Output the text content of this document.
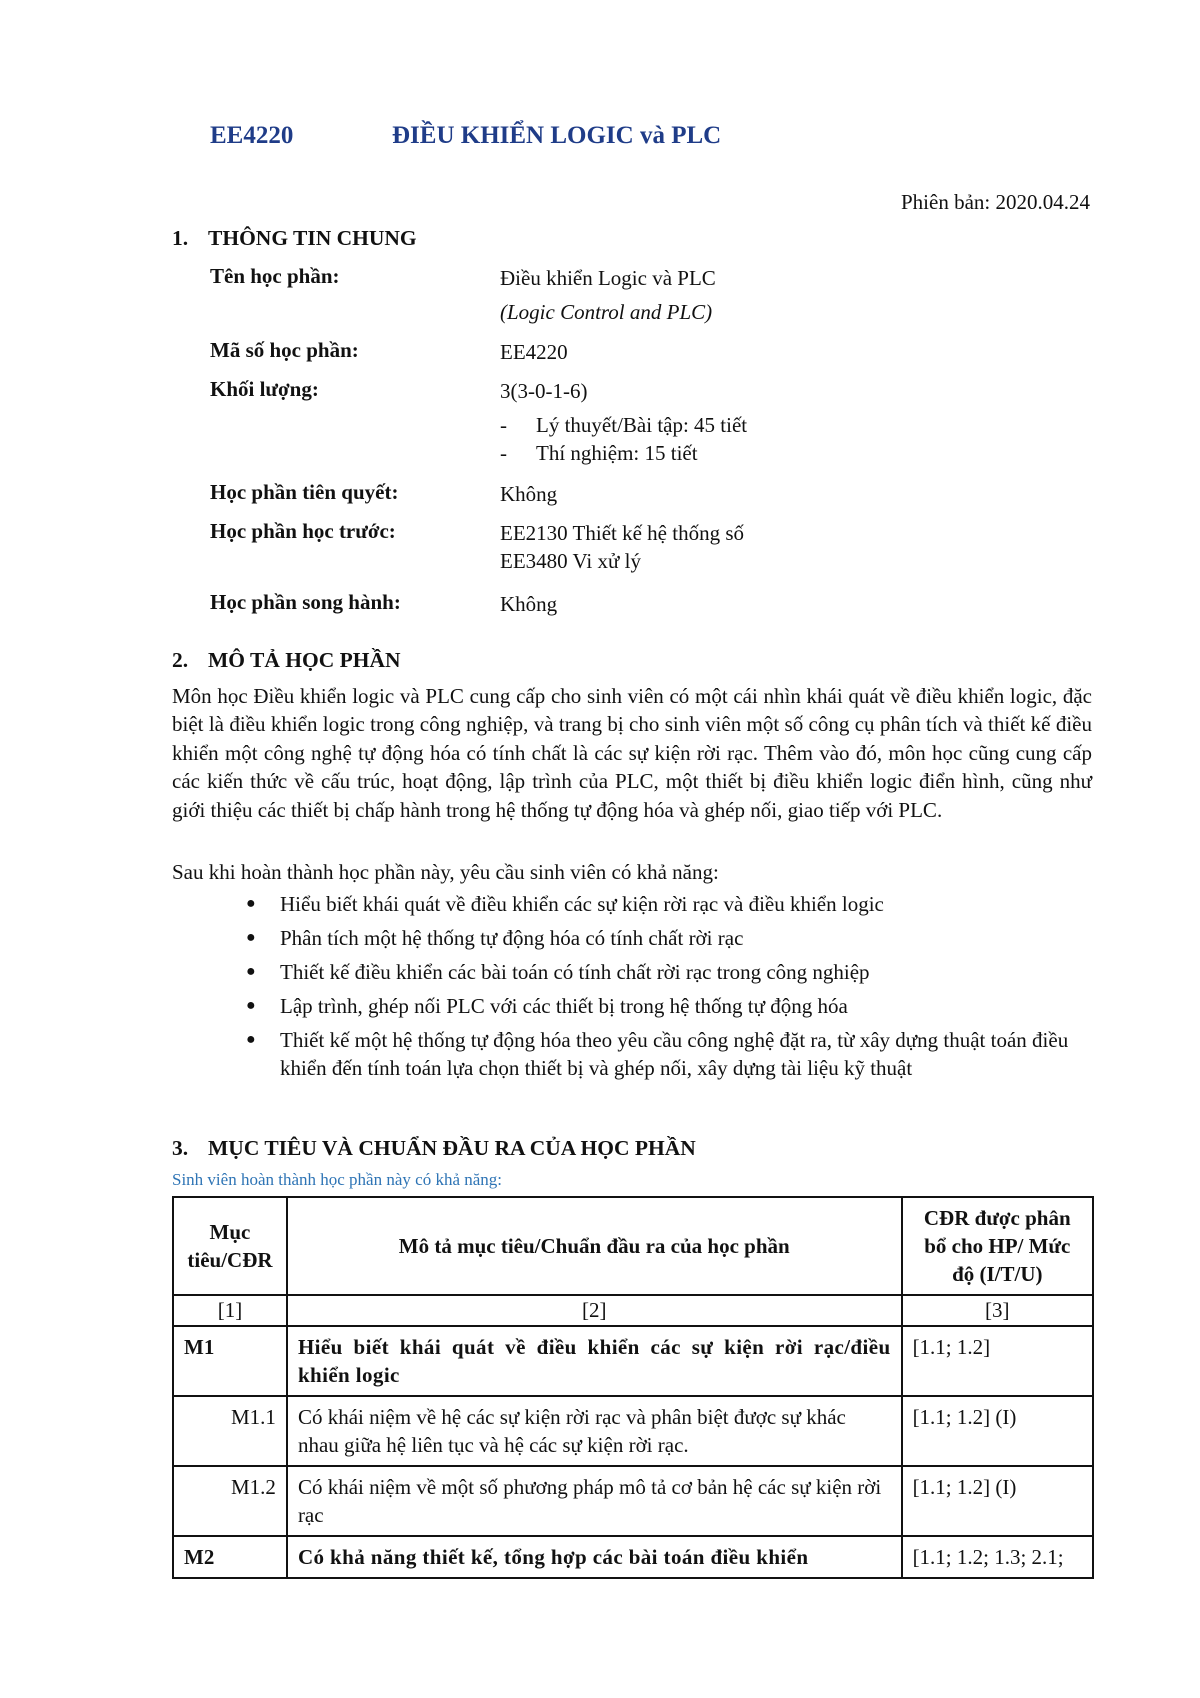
EE4220	ĐIỀU KHIỂN LOGIC và PLC
Phiên bản: 2020.04.24
1. THÔNG TIN CHUNG
Tên học phần:	Điều khiển Logic và PLC
(Logic Control and PLC)
Mã số học phần:	EE4220
Khối lượng:	3(3-0-1-6)
- Lý thuyết/Bài tập: 45 tiết
- Thí nghiệm: 15 tiết
Học phần tiên quyết:	Không
Học phần học trước:	EE2130 Thiết kế hệ thống số
EE3480 Vi xử lý
Học phần song hành:	Không
2. MÔ TẢ HỌC PHẦN
Môn học Điều khiển logic và PLC cung cấp cho sinh viên có một cái nhìn khái quát về điều khiển logic, đặc biệt là điều khiển logic trong công nghiệp, và trang bị cho sinh viên một số công cụ phân tích và thiết kế điều khiển một công nghệ tự động hóa có tính chất là các sự kiện rời rạc. Thêm vào đó, môn học cũng cung cấp các kiến thức về cấu trúc, hoạt động, lập trình của PLC, một thiết bị điều khiển logic điển hình, cũng như giới thiệu các thiết bị chấp hành trong hệ thống tự động hóa và ghép nối, giao tiếp với PLC.
Sau khi hoàn thành học phần này, yêu cầu sinh viên có khả năng:
● Hiểu biết khái quát về điều khiển các sự kiện rời rạc và điều khiển logic
● Phân tích một hệ thống tự động hóa có tính chất rời rạc
● Thiết kế điều khiển các bài toán có tính chất rời rạc trong công nghiệp
● Lập trình, ghép nối PLC với các thiết bị trong hệ thống tự động hóa
● Thiết kế một hệ thống tự động hóa theo yêu cầu công nghệ đặt ra, từ xây dựng thuật toán điều khiển đến tính toán lựa chọn thiết bị và ghép nối, xây dựng tài liệu kỹ thuật
3. MỤC TIÊU VÀ CHUẨN ĐẦU RA CỦA HỌC PHẦN
Sinh viên hoàn thành học phần này có khả năng:
Mục tiêu/CĐR	Mô tả mục tiêu/Chuẩn đầu ra của học phần	CĐR được phân bổ cho HP/ Mức độ (I/T/U)
[1]	[2]	[3]
M1	Hiểu biết khái quát về điều khiển các sự kiện rời rạc/điều khiển logic	[1.1; 1.2]
M1.1	Có khái niệm về hệ các sự kiện rời rạc và phân biệt được sự khác nhau giữa hệ liên tục và hệ các sự kiện rời rạc.	[1.1; 1.2] (I)
M1.2	Có khái niệm về một số phương pháp mô tả cơ bản hệ các sự kiện rời rạc	[1.1; 1.2] (I)
M2	Có khả năng thiết kế, tổng hợp các bài toán điều khiển	[1.1; 1.2; 1.3; 2.1;
